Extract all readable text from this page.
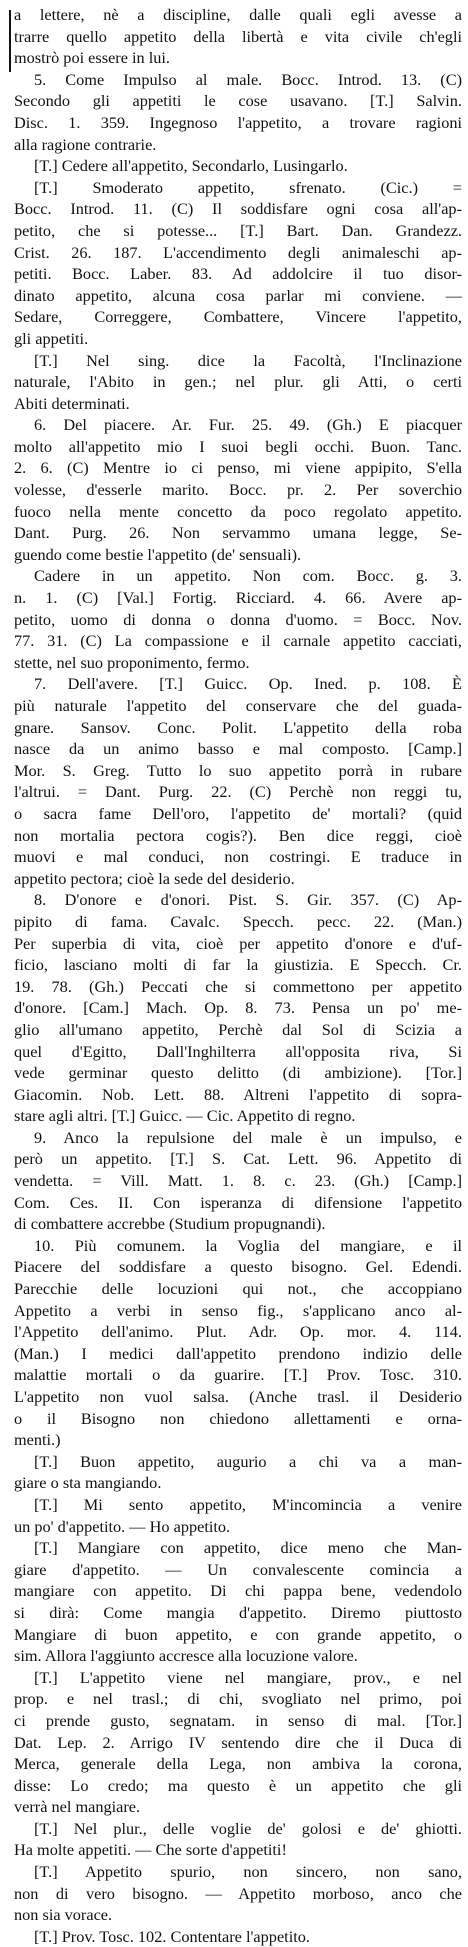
a lettere, nè a discipline, dalle quali egli avesse a
trarre quello appetito della libertà e vita civile ch'egli
mostrò poi essere in lui.
5. Come Impulso al male. Bocc. Introd. 13. (C)
Secondo gli appetiti le cose usavano. [T.] Salvin.
Disc. 1. 359. Ingegnoso l'appetito, a trovare ragioni
alla ragione contrarie.
[T.] Cedere all'appetito, Secondarlo, Lusingarlo.
[T.] Smoderato appetito, sfrenato. (Cic.) =
Bocc. Introd. 11. (C) Il soddisfare ogni cosa all'ap-
petito, che si potesse... [T.] Bart. Dan. Grandezz.
Crist. 26. 187. L'accendimento degli animaleschi ap-
petiti. Bocc. Laber. 83. Ad addolcire il tuo disor-
dinato appetito, alcuna cosa parlar mi conviene. —
Sedare, Correggere, Combattere, Vincere l'appetito,
gli appetiti.
[T.] Nel sing. dice la Facoltà, l'Inclinazione
naturale, l'Abito in gen.; nel plur. gli Atti, o certi
Abiti determinati.
6. Del piacere. Ar. Fur. 25. 49. (Gh.) E piacquer
molto all'appetito mio I suoi begli occhi. Buon. Tanc.
2. 6. (C) Mentre io ci penso, mi viene appipito, S'ella
volesse, d'esserle marito. Bocc. pr. 2. Per soverchio
fuoco nella mente concetto da poco regolato appetito.
Dant. Purg. 26. Non servammo umana legge, Se-
guendo come bestie l'appetito (de' sensuali).
Cadere in un appetito. Non com. Bocc. g. 3.
n. 1. (C) [Val.] Fortig. Ricciard. 4. 66. Avere ap-
petito, uomo di donna o donna d'uomo. = Bocc. Nov.
77. 31. (C) La compassione e il carnale appetito cacciati,
stette, nel suo proponimento, fermo.
7. Dell'avere. [T.] Guicc. Op. Ined. p. 108. È
più naturale l'appetito del conservare che del guada-
gnare. Sansov. Conc. Polit. L'appetito della roba
nasce da un animo basso e mal composto. [Camp.]
Mor. S. Greg. Tutto lo suo appetito porrà in rubare
l'altrui. = Dant. Purg. 22. (C) Perchè non reggi tu,
o sacra fame Dell'oro, l'appetito de' mortali? (quid
non mortalia pectora cogis?). Ben dice reggi, cioè
muovi e mal conduci, non costringi. E traduce in
appetito pectora; cioè la sede del desiderio.
8. D'onore e d'onori. Pist. S. Gir. 357. (C) Ap-
pipito di fama. Cavalc. Specch. pecc. 22. (Man.)
Per superbia di vita, cioè per appetito d'onore e d'uf-
ficio, lasciano molti di far la giustizia. E Specch. Cr.
19. 78. (Gh.) Peccati che si commettono per appetito
d'onore. [Cam.] Mach. Op. 8. 73. Pensa un po' me-
glio all'umano appetito, Perchè dal Sol di Scizia a
quel d'Egitto, Dall'Inghilterra all'opposita riva, Si
vede germinar questo delitto (di ambizione). [Tor.]
Giacomin. Nob. Lett. 88. Altreni l'appetito di sopra-
stare agli altri. [T.] Guicc. — Cic. Appetito di regno.
9. Anco la repulsione del male è un impulso, e
però un appetito. [T.] S. Cat. Lett. 96. Appetito di
vendetta. = Vill. Matt. 1. 8. c. 23. (Gh.) [Camp.]
Com. Ces. II. Con isperanza di difensione l'appetito
di combattere accrebbe (Studium propugnandi).
10. Più comunem. la Voglia del mangiare, e il
Piacere del soddisfare a questo bisogno. Gel. Edendi.
Parecchie delle locuzioni qui not., che accoppiano
Appetito a verbi in senso fig., s'applicano anco al-
l'Appetito dell'animo. Plut. Adr. Op. mor. 4. 114.
(Man.) I medici dall'appetito prendono indizio delle
malattie mortali o da guarire. [T.] Prov. Tosc. 310.
L'appetito non vuol salsa. (Anche trasl. il Desiderio
o il Bisogno non chiedono allettamenti e orna-
menti.)
[T.] Buon appetito, augurio a chi va a man-
giare o sta mangiando.
[T.] Mi sento appetito, M'incomincia a venire
un po' d'appetito. — Ho appetito.
[T.] Mangiare con appetito, dice meno che Man-
giare d'appetito. — Un convalescente comincia a
mangiare con appetito. Di chi pappa bene, vedendolo
si dirà: Come mangia d'appetito. Diremo piuttosto
Mangiare di buon appetito, e con grande appetito, o
sim. Allora l'aggiunto accresce alla locuzione valore.
[T.] L'appetito viene nel mangiare, prov., e nel
prop. e nel trasl.; di chi, svogliato nel primo, poi
ci prende gusto, segnatam. in senso di mal. [Tor.]
Dat. Lep. 2. Arrigo IV sentendo dire che il Duca di
Merca, generale della Lega, non ambiva la corona,
disse: Lo credo; ma questo è un appetito che gli
verrà nel mangiare.
[T.] Nel plur., delle voglie de' golosi e de' ghiotti.
Ha molte appetiti. — Che sorte d'appetiti!
[T.] Appetito spurio, non sincero, non sano,
non di vero bisogno. — Appetito morboso, anco che
non sia vorace.
[T.] Prov. Tosc. 102. Contentare l'appetito.
